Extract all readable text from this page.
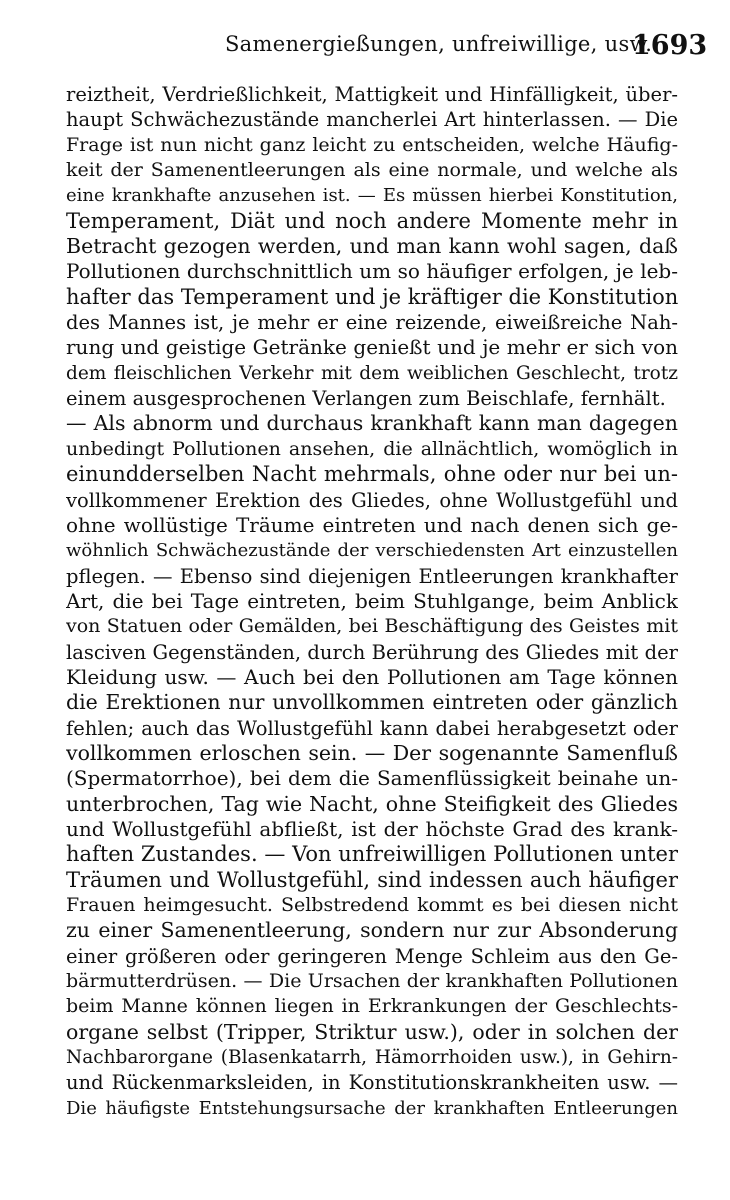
Samenergießungen, unfreiwillige, usw.
1693
reiztheit, Verdrießlichkeit, Mattigkeit und Hinfälligkeit, über-
haupt Schwächezustände mancherlei Art hinterlassen. — Die
Frage ist nun nicht ganz leicht zu entscheiden, welche Häufig-
keit der Samenentleerungen als eine normale, und welche als
eine krankhafte anzusehen ist. — Es müssen hierbei Konstitution,
Temperament, Diät und noch andere Momente mehr in
Betracht gezogen werden, und man kann wohl sagen, daß
Pollutionen durchschnittlich um so häufiger erfolgen, je leb-
hafter das Temperament und je kräftiger die Konstitution
des Mannes ist, je mehr er eine reizende, eiweißreiche Nah-
rung und geistige Getränke genießt und je mehr er sich von
dem fleischlichen Verkehr mit dem weiblichen Geschlecht, trotz
einem ausgesprochenen Verlangen zum Beischlafe, fernhält.
— Als abnorm und durchaus krankhaft kann man dagegen
unbedingt Pollutionen ansehen, die allnächtlich, womöglich in
einundderselben Nacht mehrmals, ohne oder nur bei un-
vollkommener Erektion des Gliedes, ohne Wollustgefühl und
ohne wollüstige Träume eintreten und nach denen sich ge-
wöhnlich Schwächezustände der verschiedensten Art einzustellen
pflegen. — Ebenso sind diejenigen Entleerungen krankhafter
Art, die bei Tage eintreten, beim Stuhlgange, beim Anblick
von Statuen oder Gemälden, bei Beschäftigung des Geistes mit
lasciven Gegenständen, durch Berührung des Gliedes mit der
Kleidung usw. — Auch bei den Pollutionen am Tage können
die Erektionen nur unvollkommen eintreten oder gänzlich
fehlen; auch das Wollustgefühl kann dabei herabgesetzt oder
vollkommen erloschen sein. — Der sogenannte Samenfluß
(Spermatorrhoe), bei dem die Samenflüssigkeit beinahe un-
unterbrochen, Tag wie Nacht, ohne Steifigkeit des Gliedes
und Wollustgefühl abfließt, ist der höchste Grad des krank-
haften Zustandes. — Von unfreiwilligen Pollutionen unter
Träumen und Wollustgefühl, sind indessen auch häufiger
Frauen heimgesucht. Selbstredend kommt es bei diesen nicht
zu einer Samenentleerung, sondern nur zur Absonderung
einer größeren oder geringeren Menge Schleim aus den Ge-
bärmutterdrüsen. — Die Ursachen der krankhaften Pollutionen
beim Manne können liegen in Erkrankungen der Geschlechts-
organe selbst (Tripper, Striktur usw.), oder in solchen der
Nachbarorgane (Blasenkatarrh, Hämorrhoiden usw.), in Gehirn-
und Rückenmarksleiden, in Konstitutionskrankheiten usw. —
Die häufigste Entstehungsursache der krankhaften Entleerungen
